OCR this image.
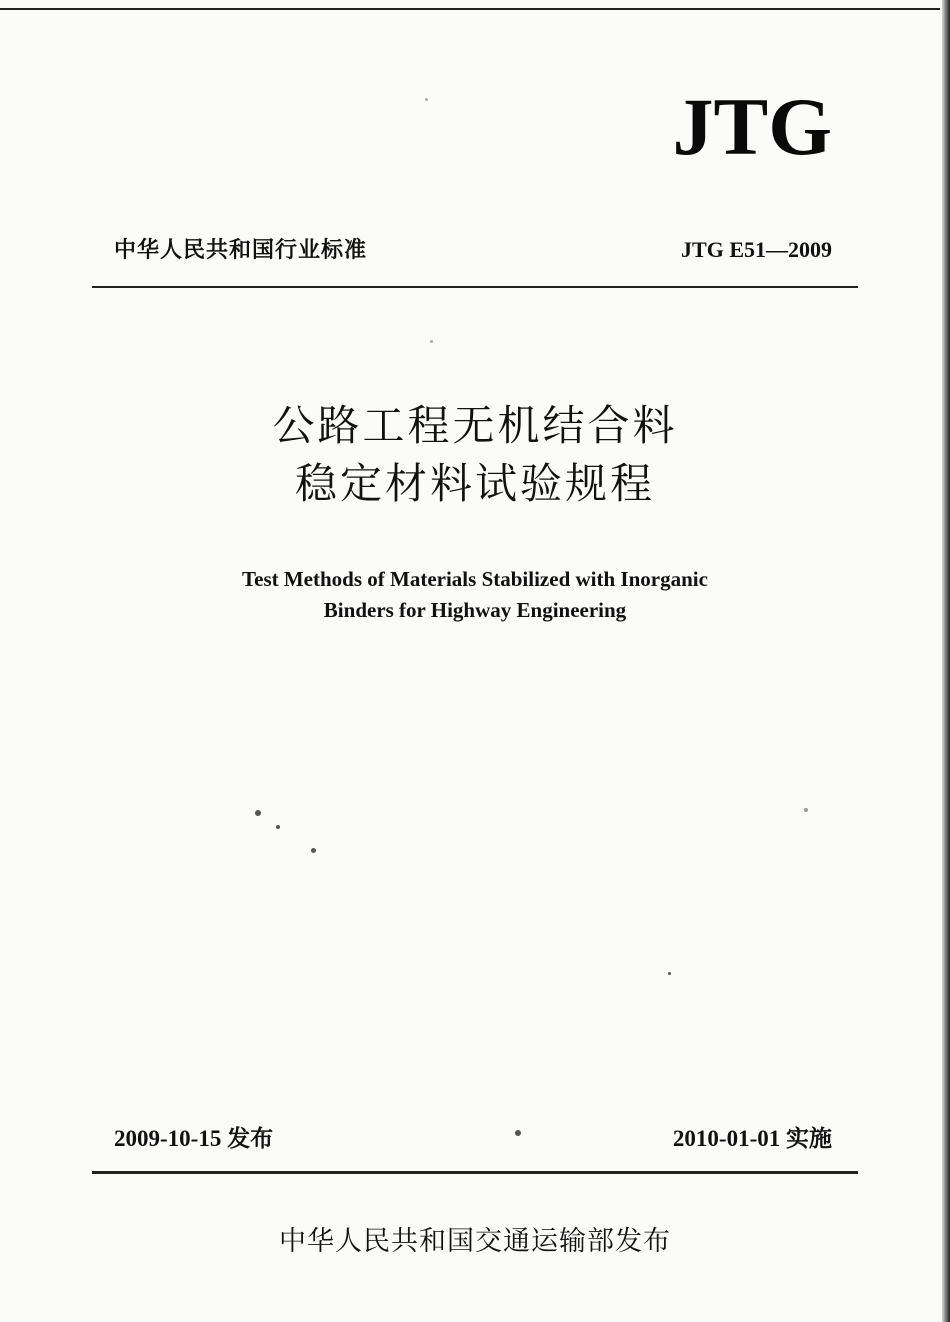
JTG
中华人民共和国行业标准	JTG E51—2009
公路工程无机结合料
稳定材料试验规程
Test Methods of Materials Stabilized with Inorganic
Binders for Highway Engineering
2009-10-15 发布	2010-01-01 实施
中华人民共和国交通运输部发布
